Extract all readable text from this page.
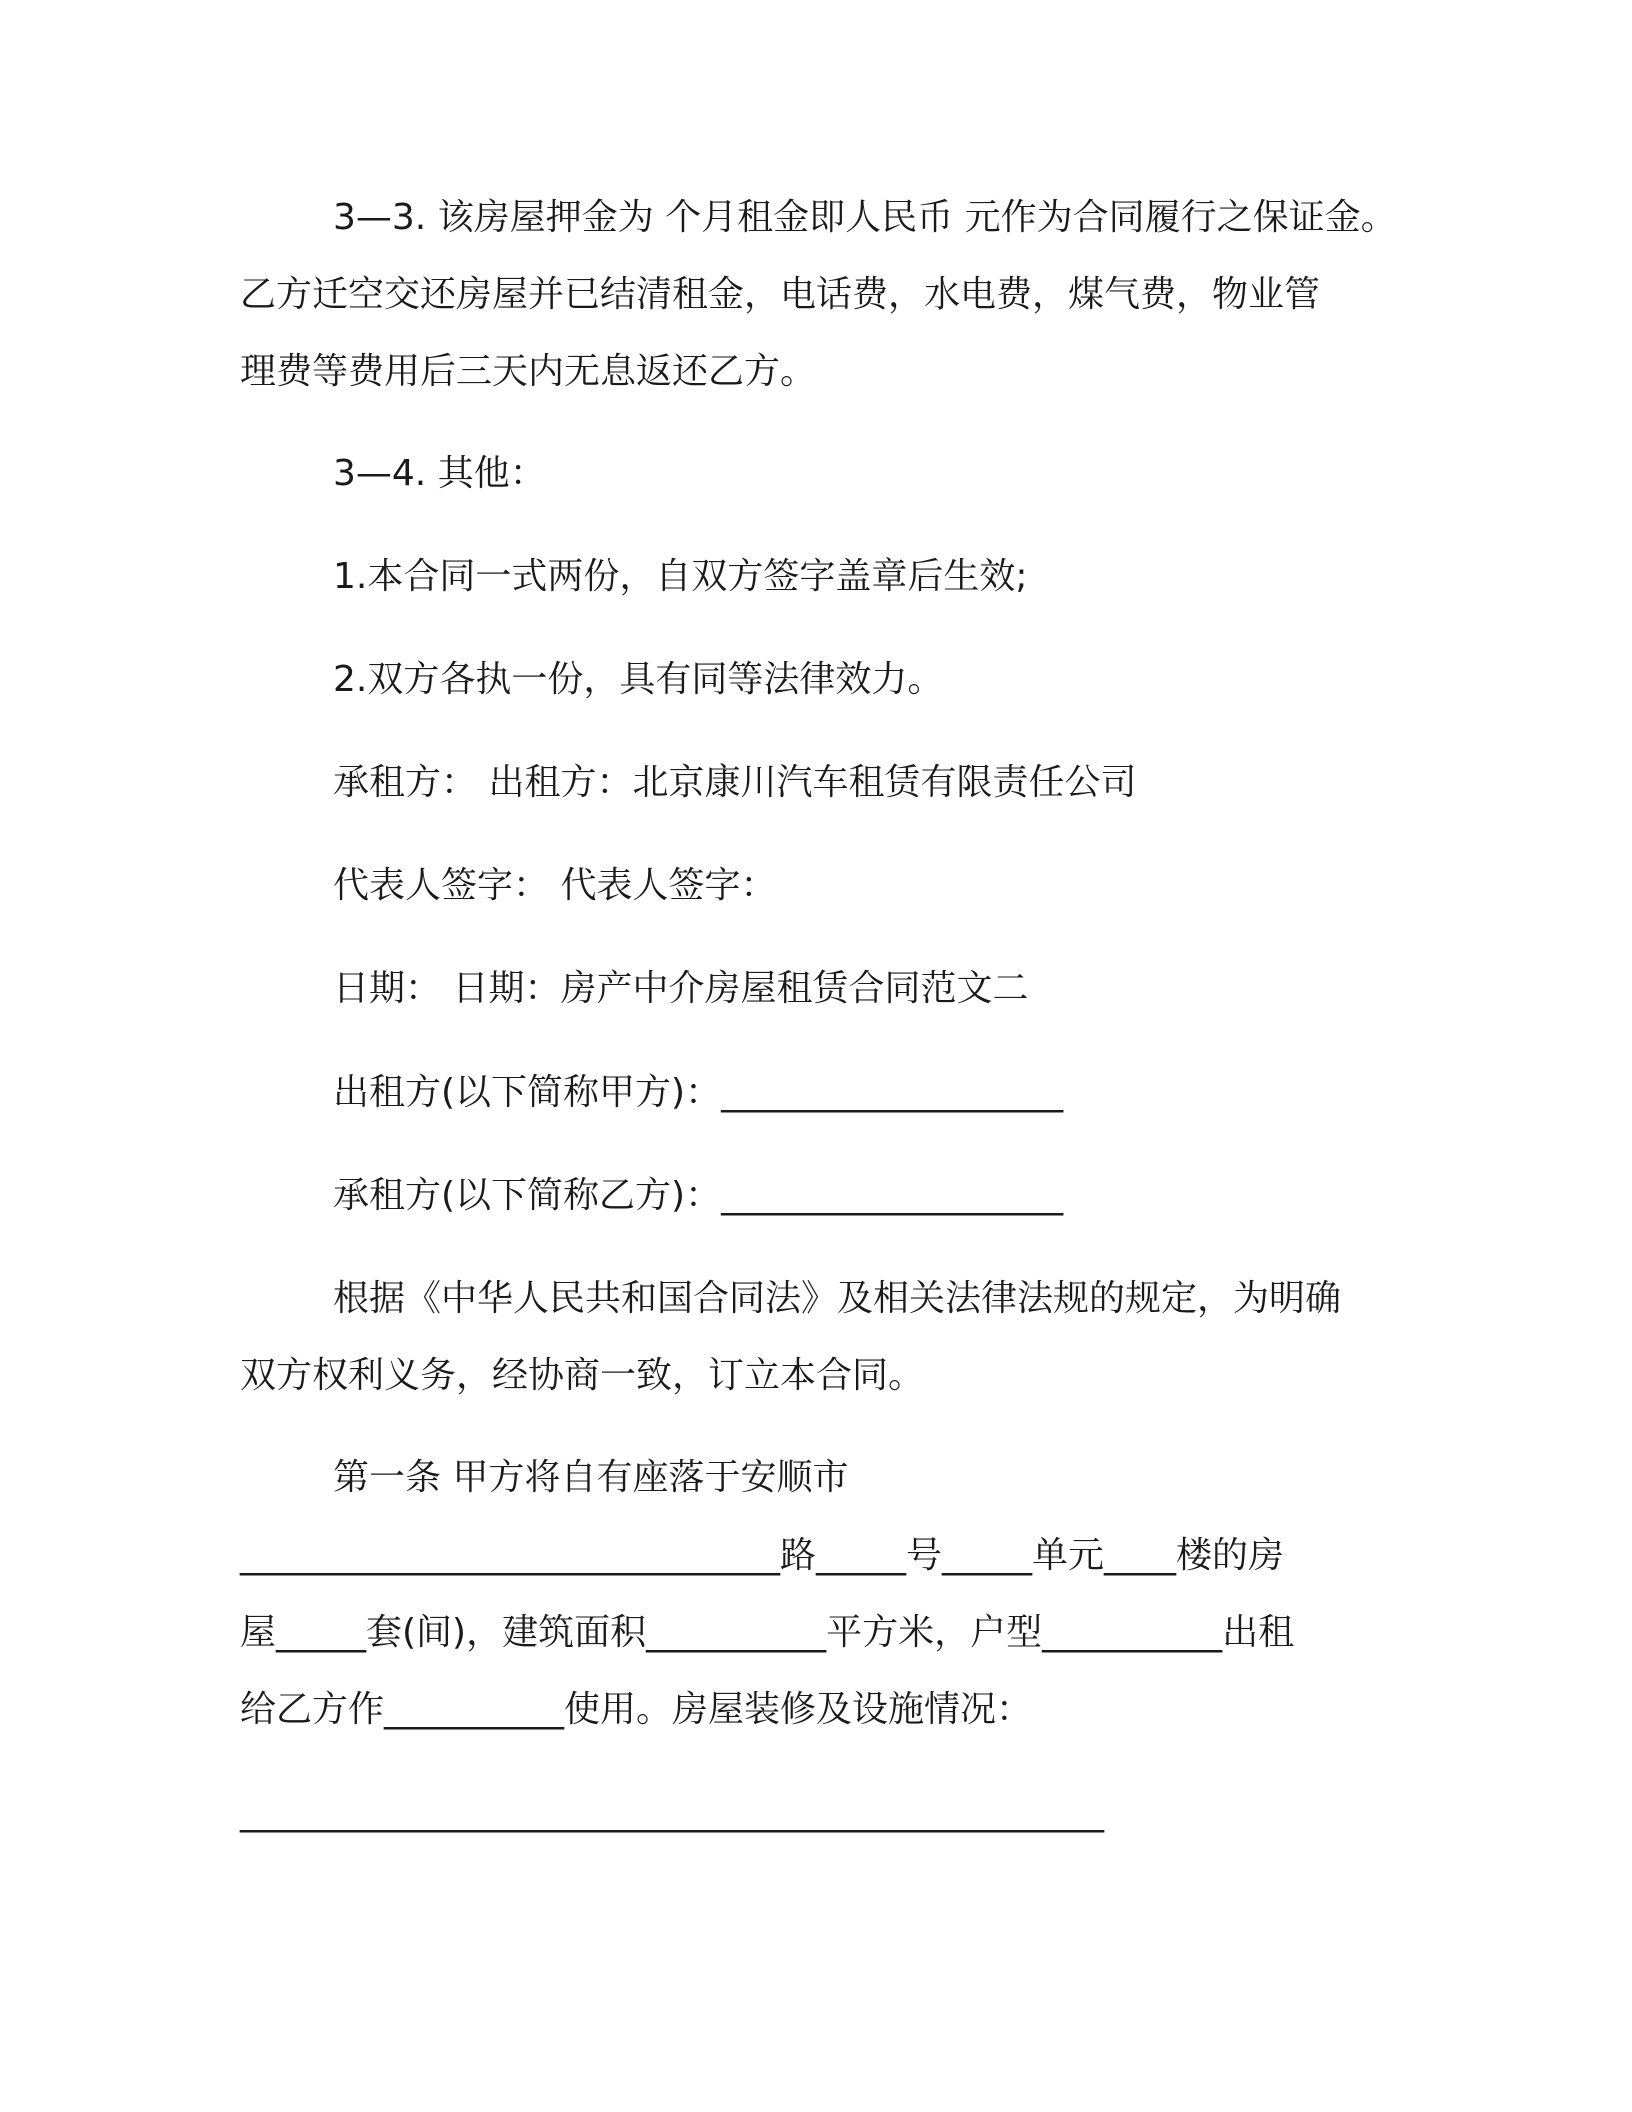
3—3. 该房屋押金为 个月租金即人民币 元作为合同履行之保证金。
乙方迁空交还房屋并已结清租金，电话费，水电费，煤气费，物业管
理费等费用后三天内无息返还乙方。
3—4. 其他：
1.本合同一式两份，自双方签字盖章后生效;
2.双方各执一份，具有同等法律效力。
承租方： 出租方：北京康川汽车租赁有限责任公司
代表人签字： 代表人签字：
日期： 日期：房产中介房屋租赁合同范文二
出租方(以下简称甲方)：___________________
承租方(以下简称乙方)：___________________
根据《中华人民共和国合同法》及相关法律法规的规定，为明确
双方权利义务，经协商一致，订立本合同。
第一条 甲方将自有座落于安顺市
______________________________路_____号_____单元____楼的房
屋_____套(间)，建筑面积__________平方米，户型__________出租
给乙方作__________使用。房屋装修及设施情况：
________________________________________________
